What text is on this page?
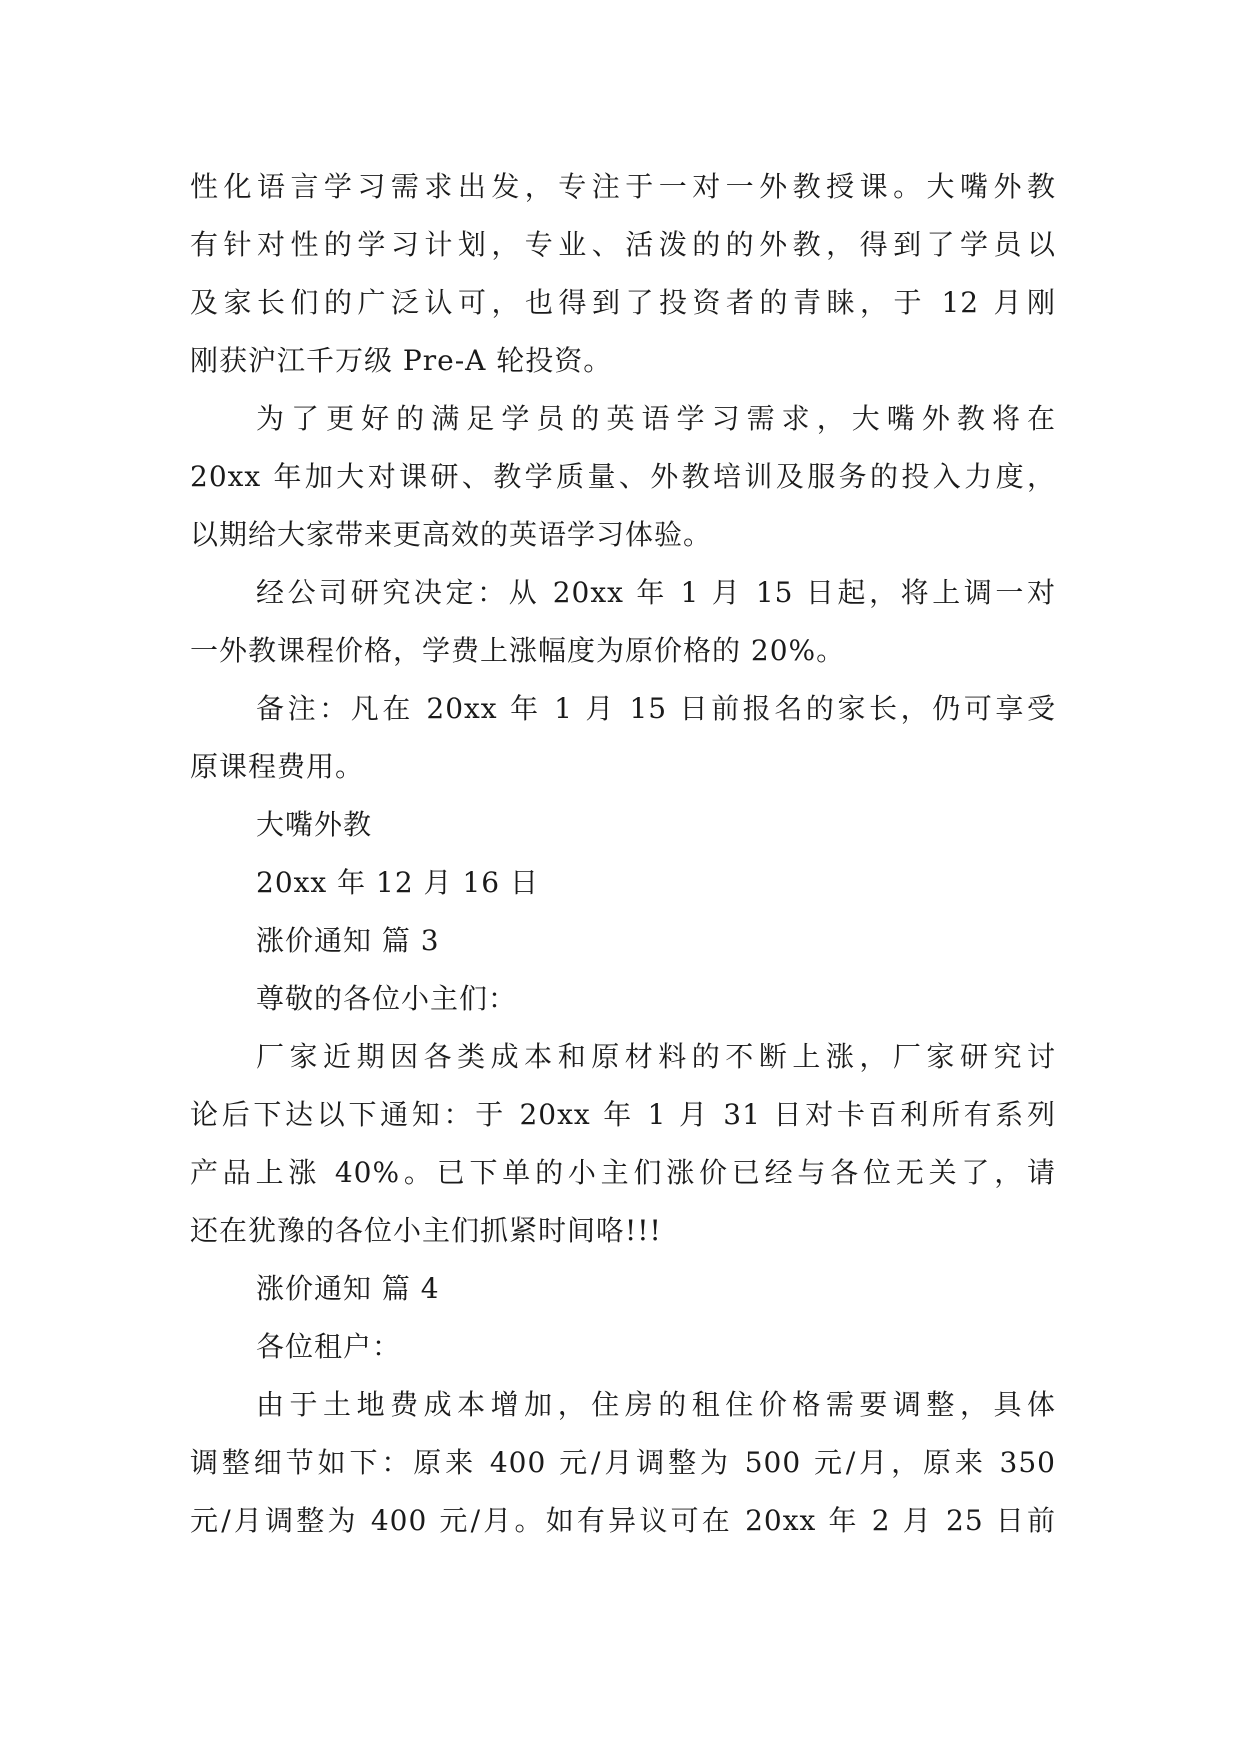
性化语言学习需求出发，专注于一对一外教授课。大嘴外教
有针对性的学习计划，专业、活泼的的外教，得到了学员以
及家长们的广泛认可，也得到了投资者的青睐，于 12 月刚
刚获沪江千万级 Pre-A 轮投资。
为了更好的满足学员的英语学习需求，大嘴外教将在
20xx 年加大对课研、教学质量、外教培训及服务的投入力度，
以期给大家带来更高效的英语学习体验。
经公司研究决定：从 20xx 年 1 月 15 日起，将上调一对
一外教课程价格，学费上涨幅度为原价格的 20%。
备注：凡在 20xx 年 1 月 15 日前报名的家长，仍可享受
原课程费用。
大嘴外教
20xx 年 12 月 16 日
涨价通知 篇 3
尊敬的各位小主们：
厂家近期因各类成本和原材料的不断上涨，厂家研究讨
论后下达以下通知：于 20xx 年 1 月 31 日对卡百利所有系列
产品上涨 40%。已下单的小主们涨价已经与各位无关了，请
还在犹豫的各位小主们抓紧时间咯!!!
涨价通知 篇 4
各位租户：
由于土地费成本增加，住房的租住价格需要调整，具体
调整细节如下：原来 400 元/月调整为 500 元/月，原来 350
元/月调整为 400 元/月。如有异议可在 20xx 年 2 月 25 日前
